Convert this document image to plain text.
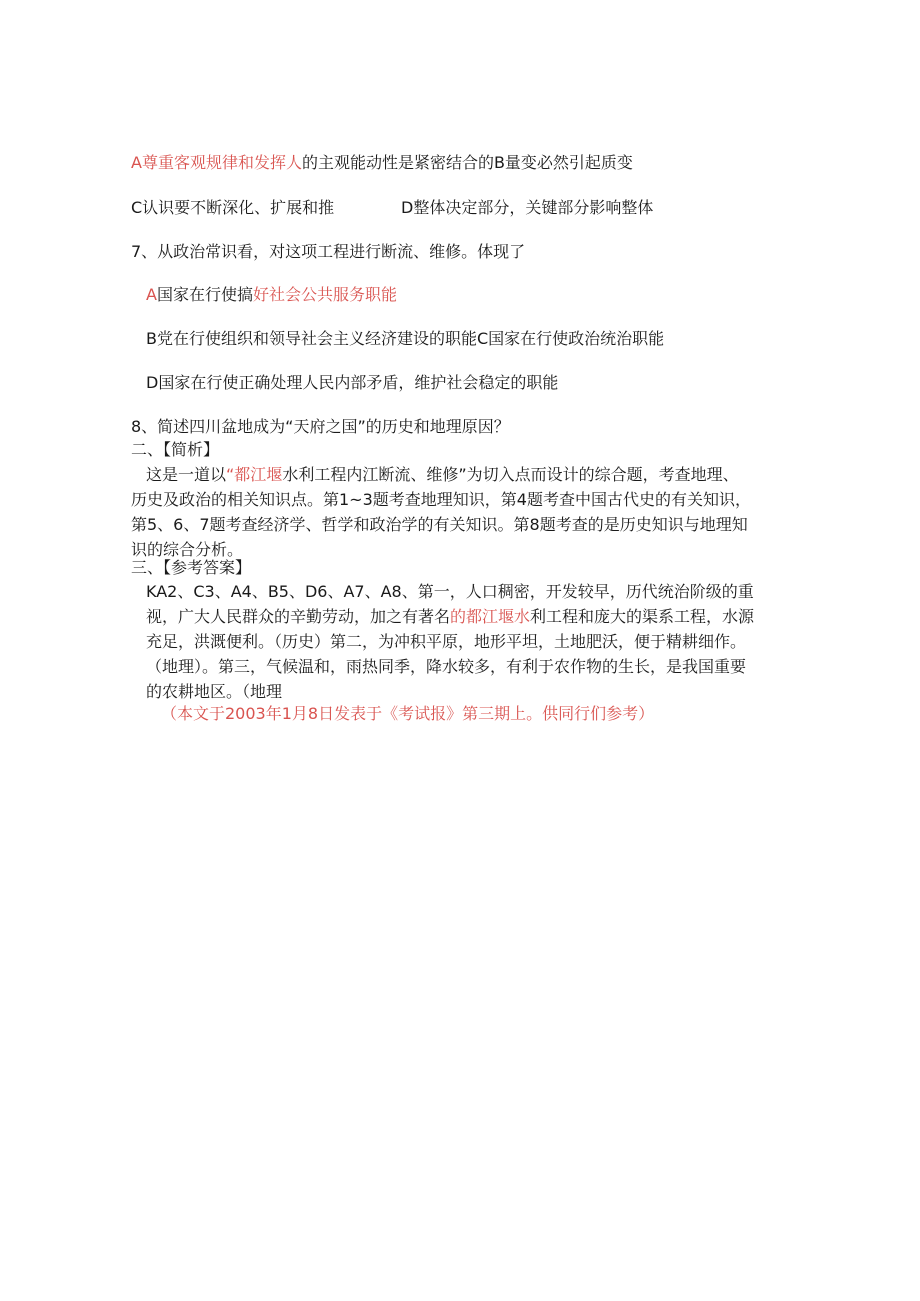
A尊重客观规律和发挥人的主观能动性是紧密结合的B量变必然引起质变
C认识要不断深化、扩展和推	D整体决定部分，关键部分影响整体
7、从政治常识看，对这项工程进行断流、维修。体现了
A国家在行使搞好社会公共服务职能
B党在行使组织和领导社会主义经济建设的职能C国家在行使政治统治职能
D国家在行使正确处理人民内部矛盾，维护社会稳定的职能
8、简述四川盆地成为“天府之国”的历史和地理原因？
二、【简析】
这是一道以“都江堰水利工程内江断流、维修”为切入点而设计的综合题，考查地理、
历史及政治的相关知识点。第1~3题考查地理知识，第4题考查中国古代史的有关知识，
第5、6、7题考查经济学、哲学和政治学的有关知识。第8题考查的是历史知识与地理知
识的综合分析。
三、【参考答案】
KA2、C3、A4、B5、D6、A7、A8、第一，人口稠密，开发较早，历代统治阶级的重
视，广大人民群众的辛勤劳动，加之有著名的都江堰水利工程和庞大的渠系工程，水源
充足，洪溉便利。（历史）第二，为冲积平原，地形平坦，土地肥沃，便于精耕细作。
（地理）。第三，气候温和，雨热同季，降水较多，有利于农作物的生长，是我国重要
的农耕地区。（地理
（本文于2003年1月8日发表于《考试报》第三期上。供同行们参考）
